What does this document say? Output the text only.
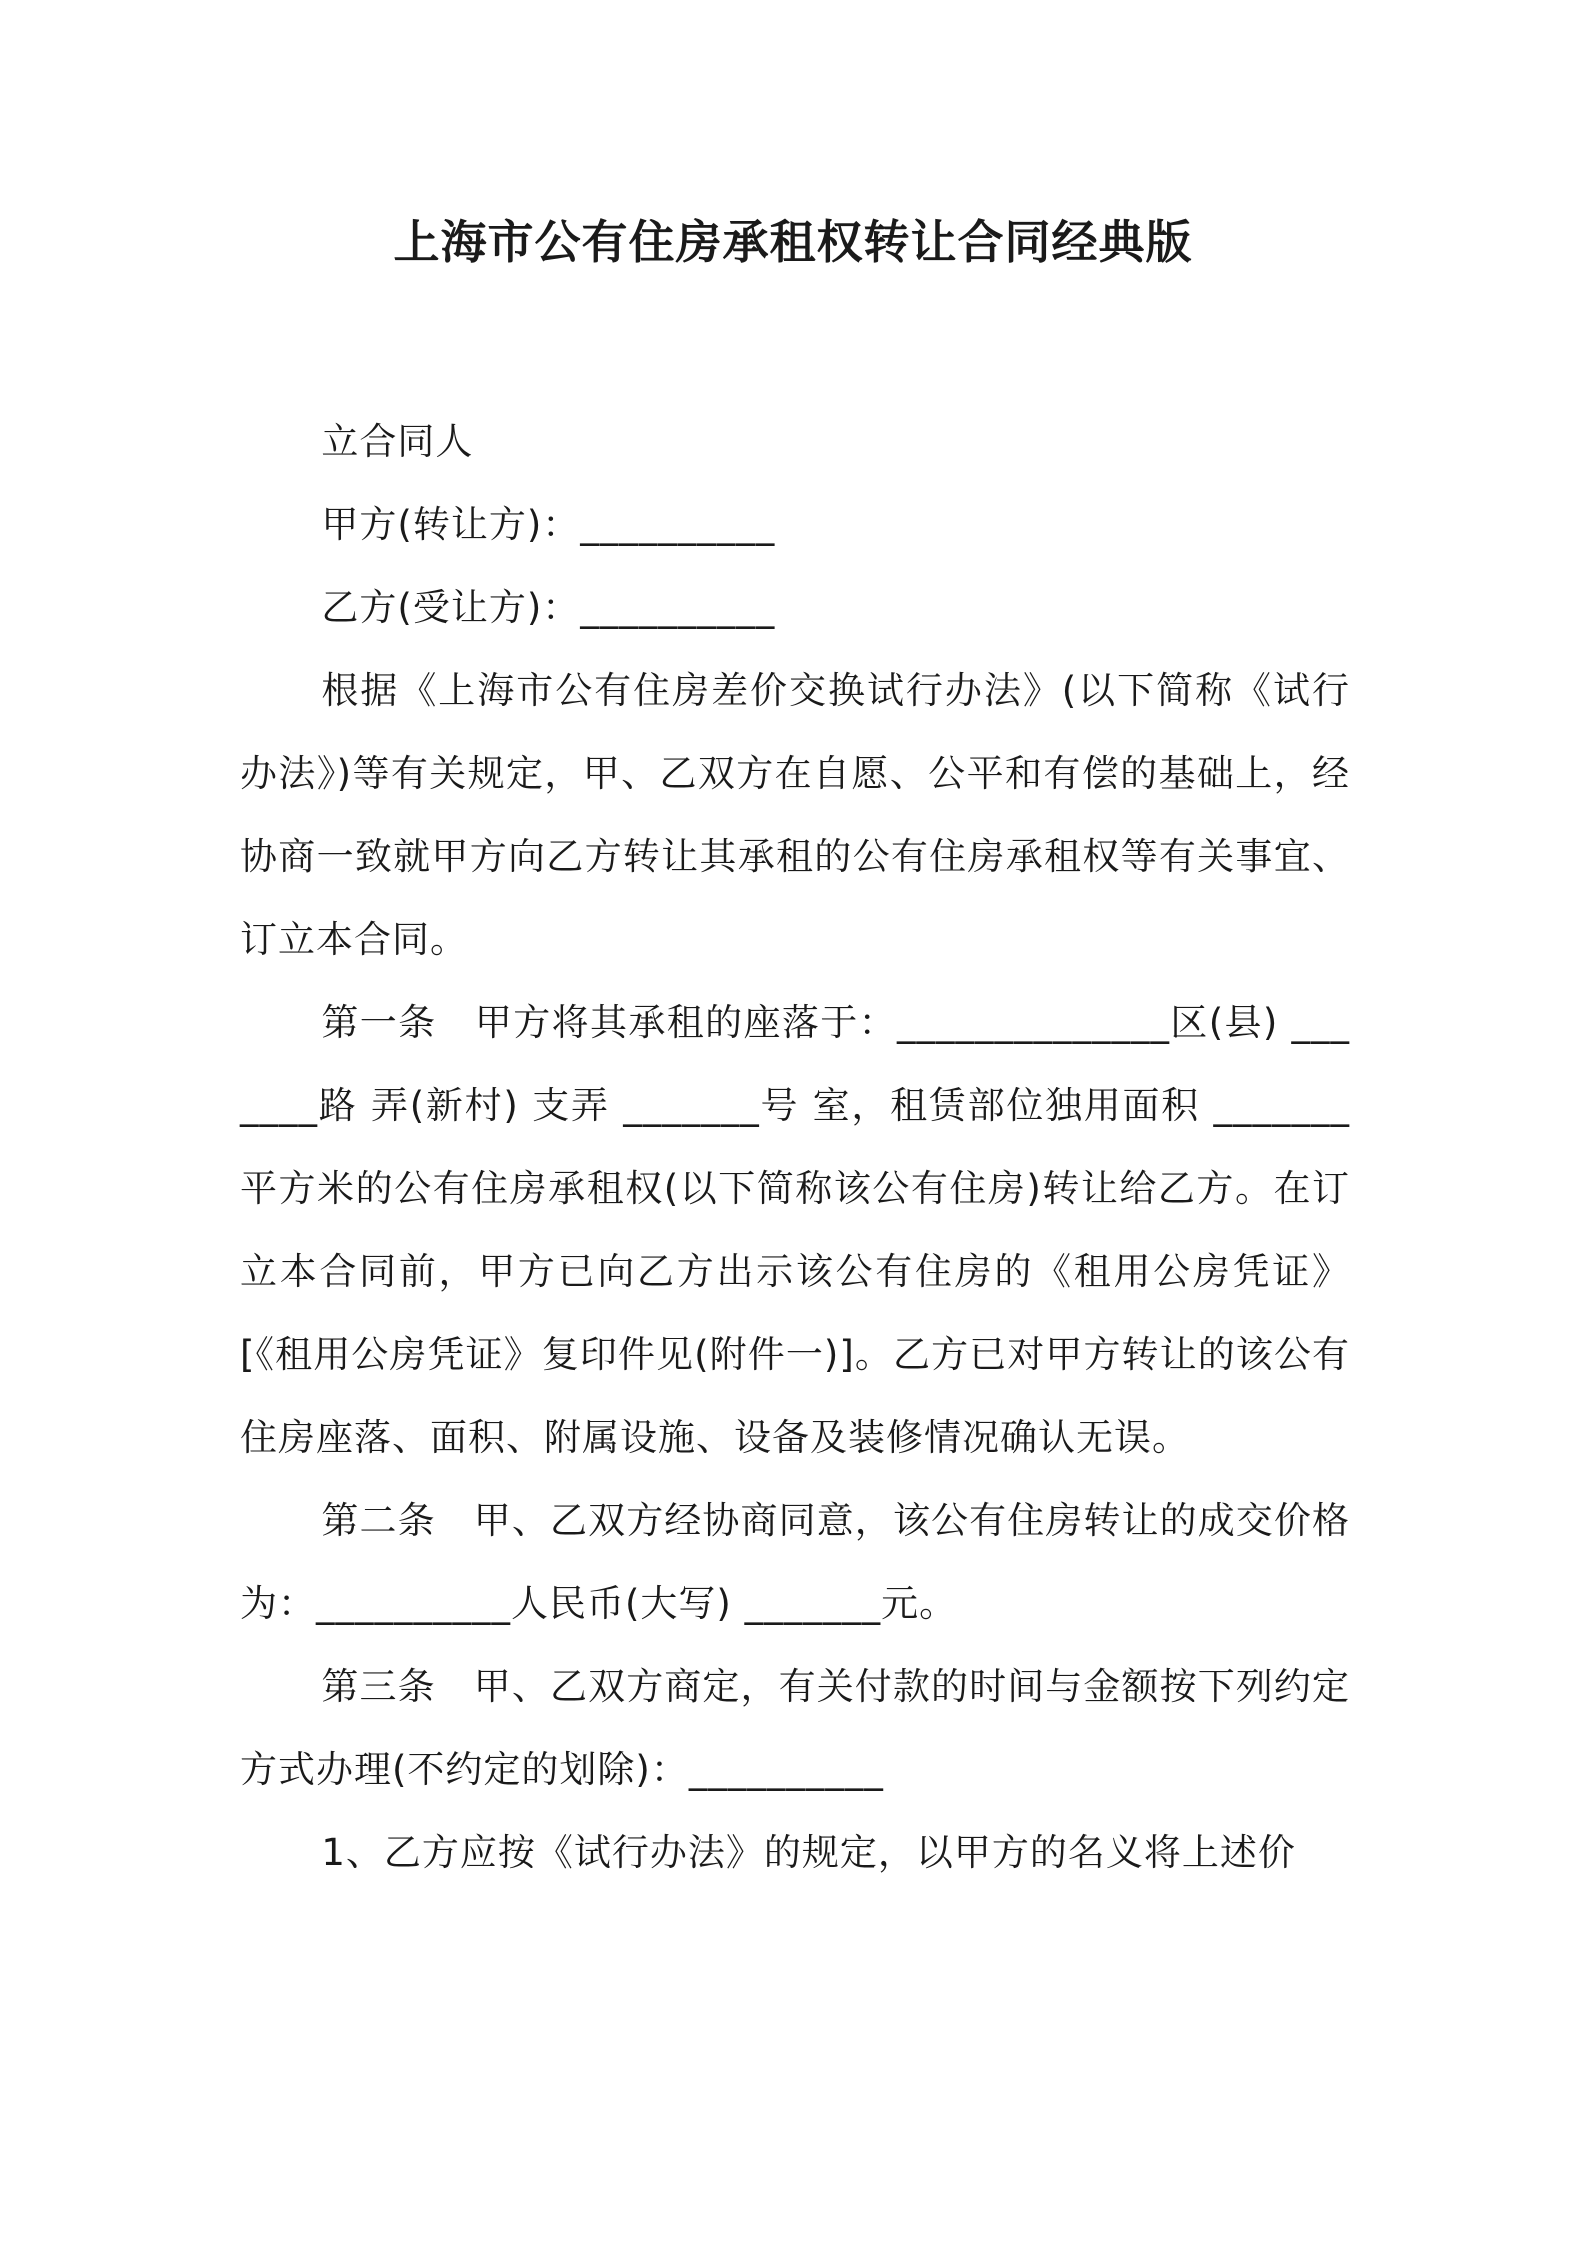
上海市公有住房承租权转让合同经典版

立合同人

甲方(转让方)：__________

乙方(受让方)：__________

根据《上海市公有住房差价交换试行办法》(以下简称《试行办法》)等有关规定，甲、乙双方在自愿、公平和有偿的基础上，经协商一致就甲方向乙方转让其承租的公有住房承租权等有关事宜、订立本合同。

第一条　甲方将其承租的座落于：______________区(县) _______路 弄(新村) 支弄 _______号 室，租赁部位独用面积 _______平方米的公有住房承租权(以下简称该公有住房)转让给乙方。在订立本合同前，甲方已向乙方出示该公有住房的《租用公房凭证》[《租用公房凭证》复印件见(附件一)]。乙方已对甲方转让的该公有住房座落、面积、附属设施、设备及装修情况确认无误。

第二条　甲、乙双方经协商同意，该公有住房转让的成交价格为：__________人民币(大写) _______元。

第三条　甲、乙双方商定，有关付款的时间与金额按下列约定方式办理(不约定的划除)：__________

1、乙方应按《试行办法》的规定，以甲方的名义将上述价
